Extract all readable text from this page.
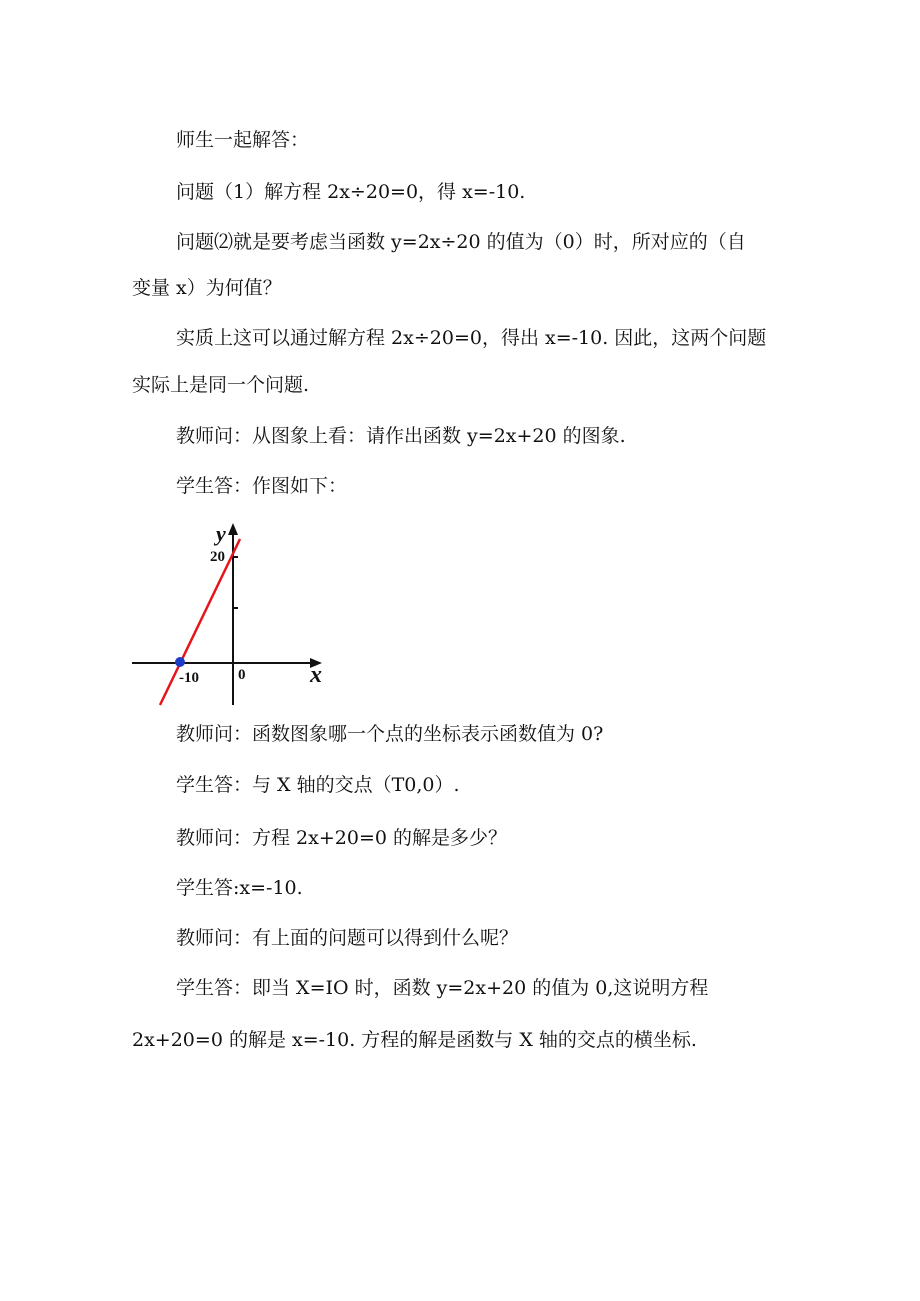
师生一起解答：

问题（1）解方程 2x÷20=0，得 x=-10.

问题⑵就是要考虑当函数 y=2x÷20 的值为（0）时，所对应的（自

变量 x）为何值？

实质上这可以通过解方程 2x÷20=0，得出 x=-10. 因此，这两个问题

实际上是同一个问题.

教师问：从图象上看：请作出函数 y=2x+20 的图象.

学生答：作图如下：

y
20
-10	0	x

教师问：函数图象哪一个点的坐标表示函数值为 0?

学生答：与 X 轴的交点（T0,0）.

教师问：方程 2x+20=0 的解是多少？

学生答:x=-10.

教师问：有上面的问题可以得到什么呢？

学生答：即当 X=IO 时，函数 y=2x+20 的值为 0,这说明方程

2x+20=0 的解是 x=-10. 方程的解是函数与 X 轴的交点的横坐标.
